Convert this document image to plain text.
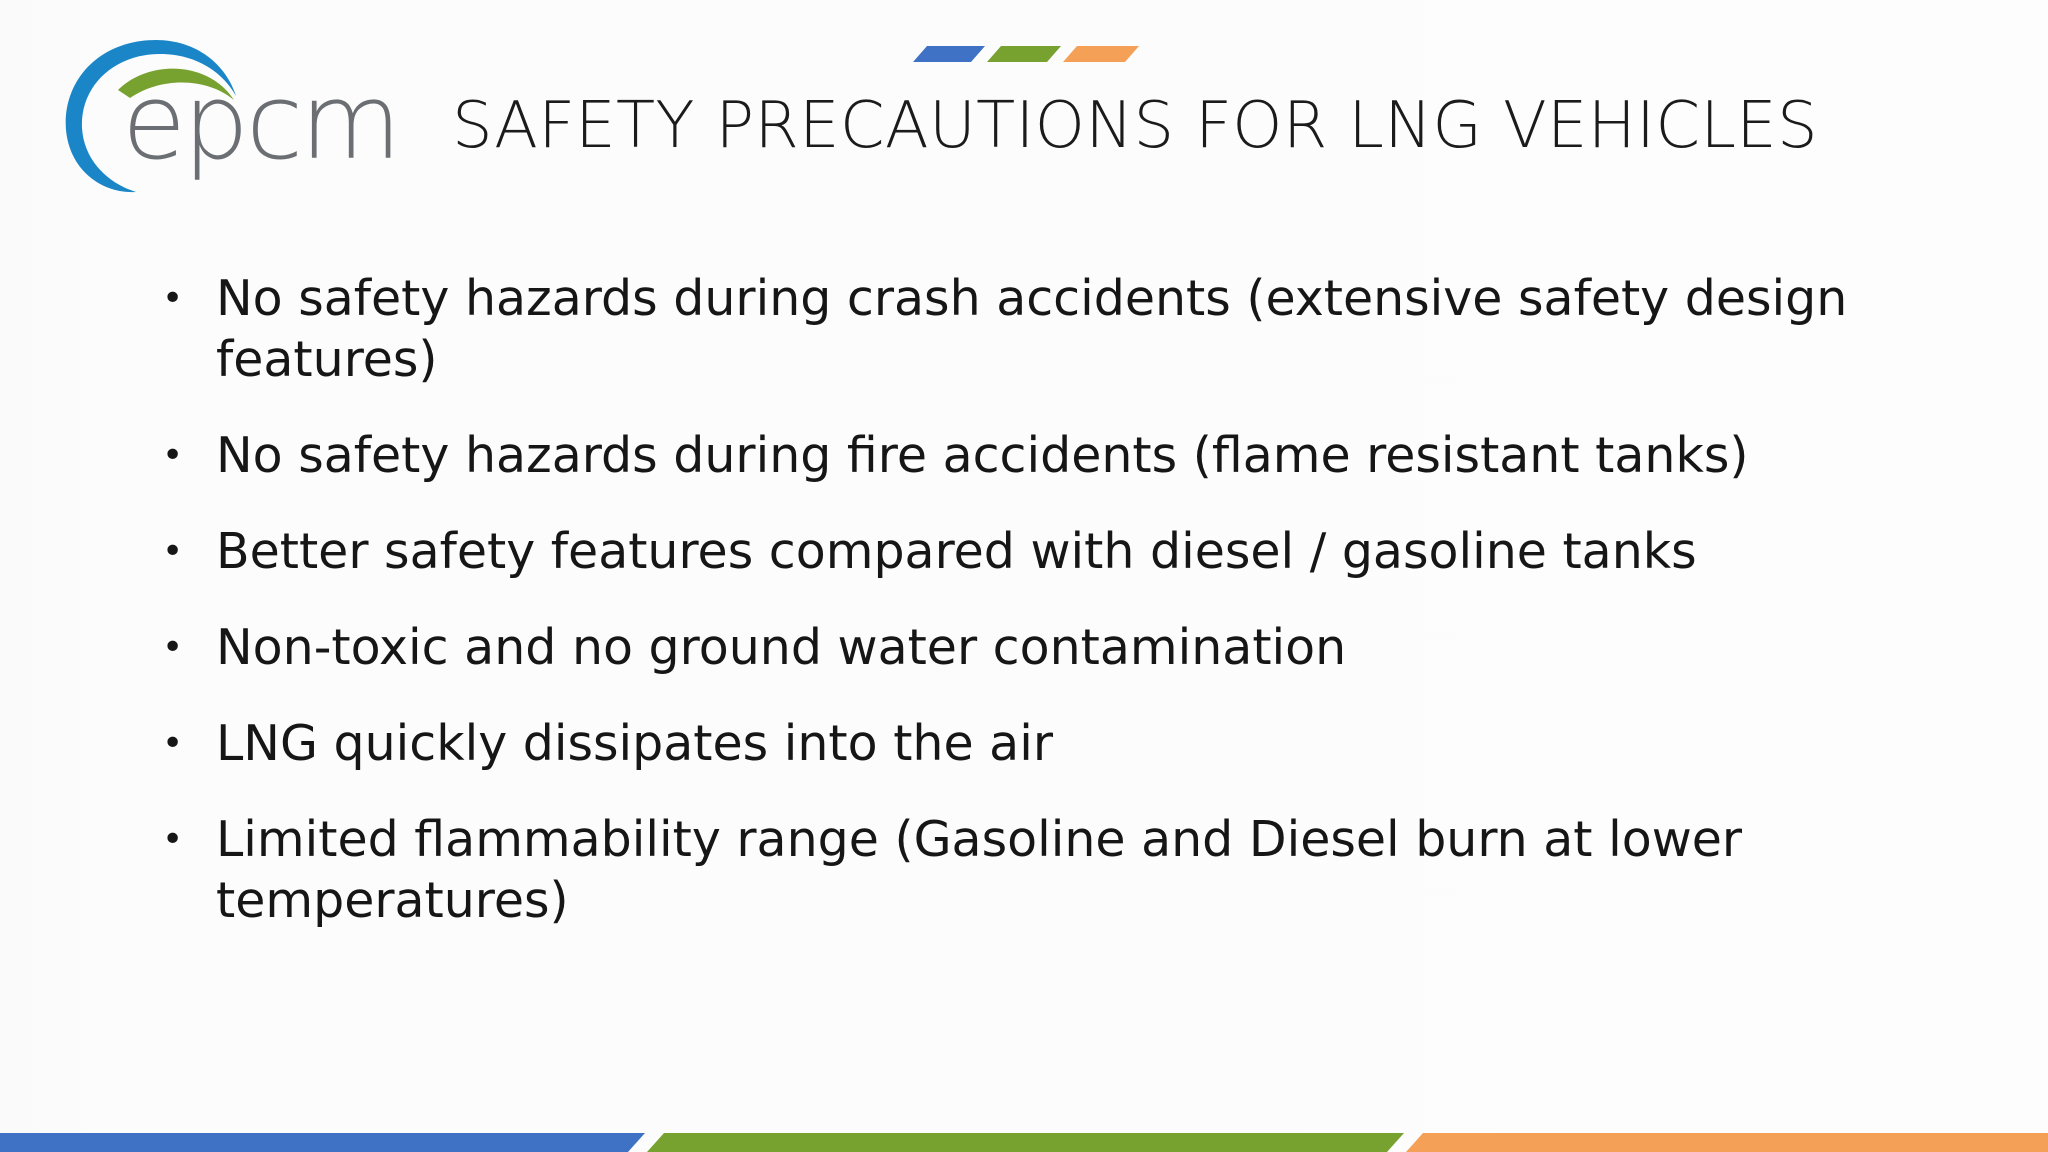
epcm SAFETY PRECAUTIONS FOR LNG VEHICLES
• No safety hazards during crash accidents (extensive safety design features)
• No safety hazards during fire accidents (flame resistant tanks)
• Better safety features compared with diesel / gasoline tanks
• Non-toxic and no ground water contamination
• LNG quickly dissipates into the air
• Limited flammability range (Gasoline and Diesel burn at lower temperatures)
